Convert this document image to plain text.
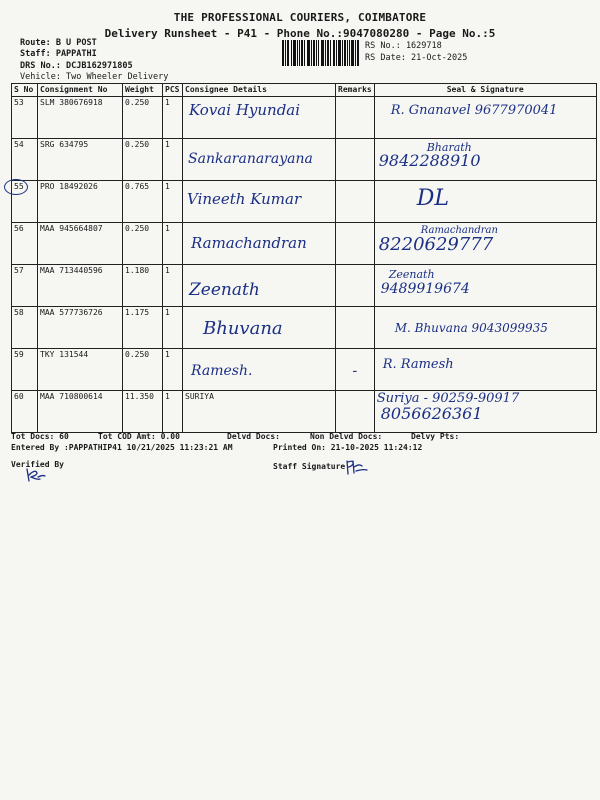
THE PROFESSIONAL COURIERS, COIMBATORE
Delivery Runsheet - P41 - Phone No.:9047080280 - Page No.:5
Route: B U POST
Staff: PAPPATHI
DRS No.: DCJB162971805
Vehicle: Two Wheeler Delivery
RS No.: 1629718
RS Date: 21-Oct-2025
S No	Consignment No	Weight	PCS	Consignee Details	Remarks	Seal & Signature
53	SLM 380676918	0.250	1	Kovai Hyundai		R. Gnanavel 9677970041

54	SRG 634795	0.250	1	Sankaranarayana		Bharath
9842288910

55	PRO 18492026	0.765	1	Vineeth Kumar		DL

56	MAA 945664807	0.250	1	Ramachandran		Ramachandran
8220629777

57	MAA 713440596	1.180	1	Zeenath		Zeenath
9489919674

58	MAA 577736726	1.175	1	Bhuvana		M. Bhuvana 9043099935

59	TKY 131544	0.250	1	Ramesh.	-	R. Ramesh

60	MAA 710800614	11.350	1	SURIYA		Suriya - 90259-90917
8056626361
Tot Docs: 60	Tot COD Amt: 0.00	Delvd Docs:	Non Delvd Docs:	Delvy Pts:
Entered By :PAPPATHIP41 10/21/2025 11:23:21 AM	Printed On: 21-10-2025 11:24:12
Verified By	Staff Signature
